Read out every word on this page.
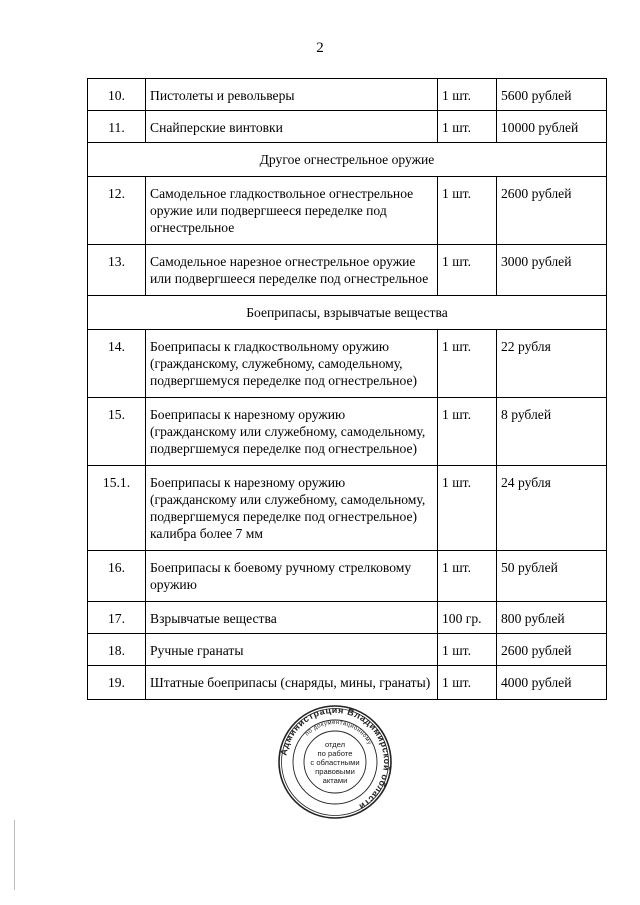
2
10.	Пистолеты и револьверы	1 шт.	5600 рублей
11.	Снайперские винтовки	1 шт.	10000 рублей
Другое огнестрельное оружие			
12.	Самодельное гладкоствольное огнестрельное оружие или подвергшееся переделке под огнестрельное	1 шт.	2600 рублей
13.	Самодельное нарезное огнестрельное оружие или подвергшееся переделке под огнестрельное	1 шт.	3000 рублей
Боеприпасы, взрывчатые вещества			
14.	Боеприпасы к гладкоствольному оружию (гражданскому, служебному, самодельному, подвергшемуся переделке под огнестрельное)	1 шт.	22 рубля
15.	Боеприпасы к нарезному оружию (гражданскому или служебному, самодельному, подвергшемуся переделке под огнестрельное)	1 шт.	8 рублей
15.1.	Боеприпасы к нарезному оружию (гражданскому или служебному, самодельному, подвергшемуся переделке под огнестрельное) калибра более 7 мм	1 шт.	24 рубля
16.	Боеприпасы к боевому ручному стрелковому оружию	1 шт.	50 рублей
17.	Взрывчатые вещества	100 гр.	800 рублей
18.	Ручные гранаты	1 шт.	2600 рублей
19.	Штатные боеприпасы (снаряды, мины, гранаты)	1 шт.	4000 рублей
Администрация Владимирской области
по документационному
отдел
по работе
с областными
правовыми
актами
